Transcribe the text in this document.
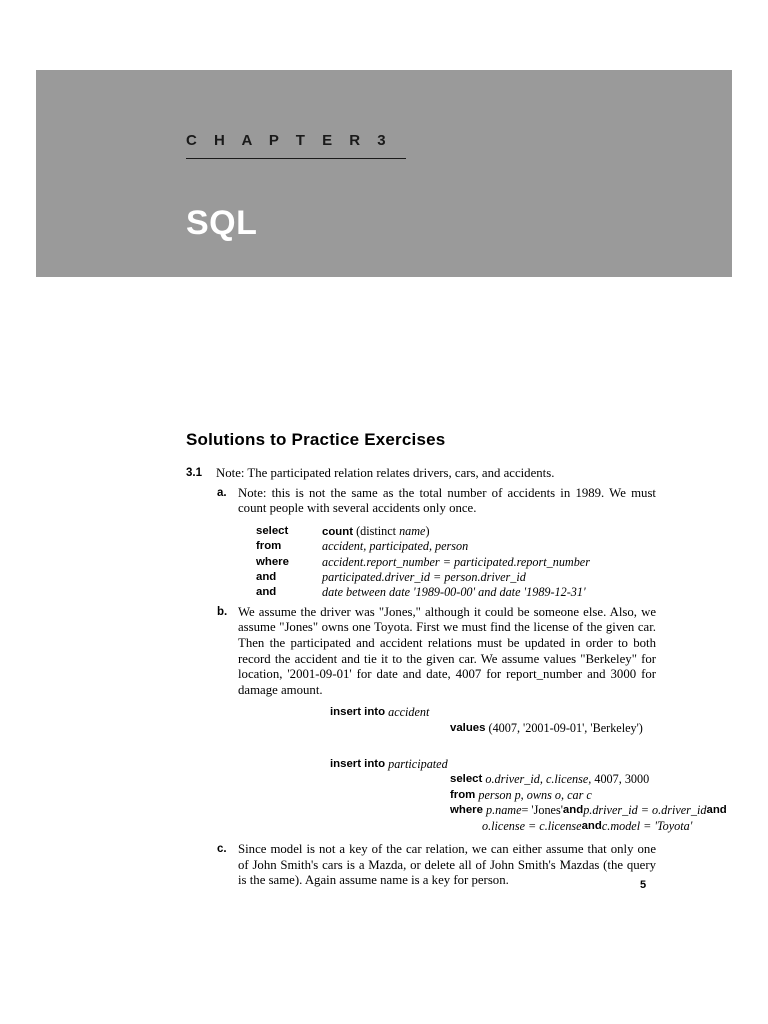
C H A P T E R 3
SQL
Solutions to Practice Exercises
3.1	Note: The participated relation relates drivers, cars, and accidents.

a. Note: this is not the same as the total number of accidents in 1989. We must count people with several accidents only once.

select	count (distinct name)
from	accident, participated, person
where	accident.report_number = participated.report_number
and	participated.driver_id = person.driver_id
and	date between date '1989-00-00' and date '1989-12-31'
b. We assume the driver was "Jones," although it could be someone else. Also, we assume "Jones" owns one Toyota. First we must find the license of the given car. Then the participated and accident relations must be updated in order to both record the accident and tie it to the given car. We assume values "Berkeley" for location, '2001-09-01' for date and date, 4007 for report_number and 3000 for damage amount.

insert into
accident
values
(4007, '2001-09-01', 'Berkeley')
insert into
participated
select
o.driver_id, c.license , 4007, 3000
from
person p, owns o, car c
where
p.name = 'Jones' and p.driver_id = o.driver_id and
o.license = c.license and c.model = 'Toyota'
c. Since model is not a key of the car relation, we can either assume that only one of John Smith's cars is a Mazda, or delete all of John Smith's Mazdas (the query is the same). Again assume name is a key for person.	5
